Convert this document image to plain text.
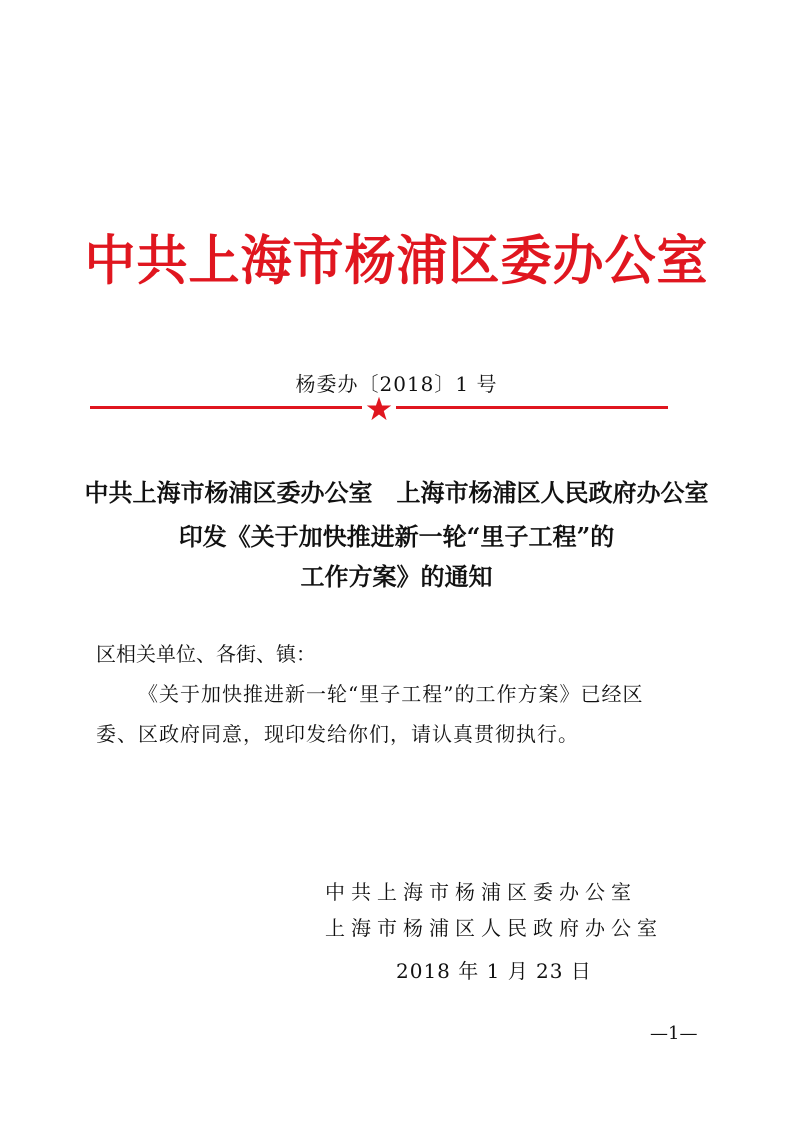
中共上海市杨浦区委办公室
杨委办〔2018〕1 号
中共上海市杨浦区委办公室　上海市杨浦区人民政府办公室
印发《关于加快推进新一轮“里子工程”的
工作方案》的通知
区相关单位、各街、镇：
《关于加快推进新一轮“里子工程”的工作方案》已经区
委、区政府同意，现印发给你们，请认真贯彻执行。
中共上海市杨浦区委办公室
上海市杨浦区人民政府办公室
2018 年 1 月 23 日
—1—
